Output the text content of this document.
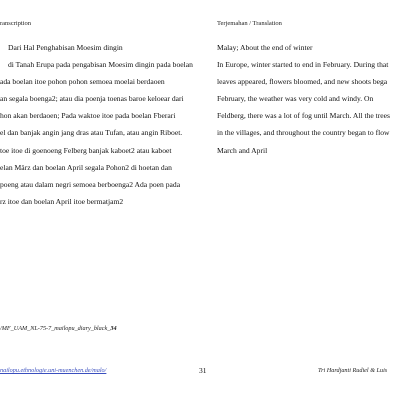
ranscription	Terjemahan / Translation
Dari Hal Penghabisan Moesim dingin
di Tanah Erupa pada pengabisan Moesim dingin pada boelan
ada boelan itoe pohon pohon semoea moelai berdaoen
an segala boenga2; atau dia poenja toenas baroe keloear dari
hon akan berdaoen; Pada waktoe itoe pada boelan Fberari
el dan banjak angin jang dras atau Tufan, atau angin Riboet.
toe itoe di goenoeng Felberg banjak kaboet2 atau kaboet
elan März dan boelan April segala Pohon2 di hoetan dan
poeng atau dalam negri semoea berboenga2 Ada poen pada
rz itoe dan boelan April itoe bermatjam2
Malay; About the end of winter
In Europe, winter started to end in February. During that
leaves appeared, flowers bloomed, and new shoots bega
February, the weather was very cold and windy. On
Feldberg, there was a lot of fog until March. All the trees
in the villages, and throughout the country began to flow
March and April
/MF_UAM_NL-75-7_mailopu_diary_black_34
nailopu.ethnologie.uni-muenchen.de/malo/	31	Tri Hardjanti Rudiel & Luis
